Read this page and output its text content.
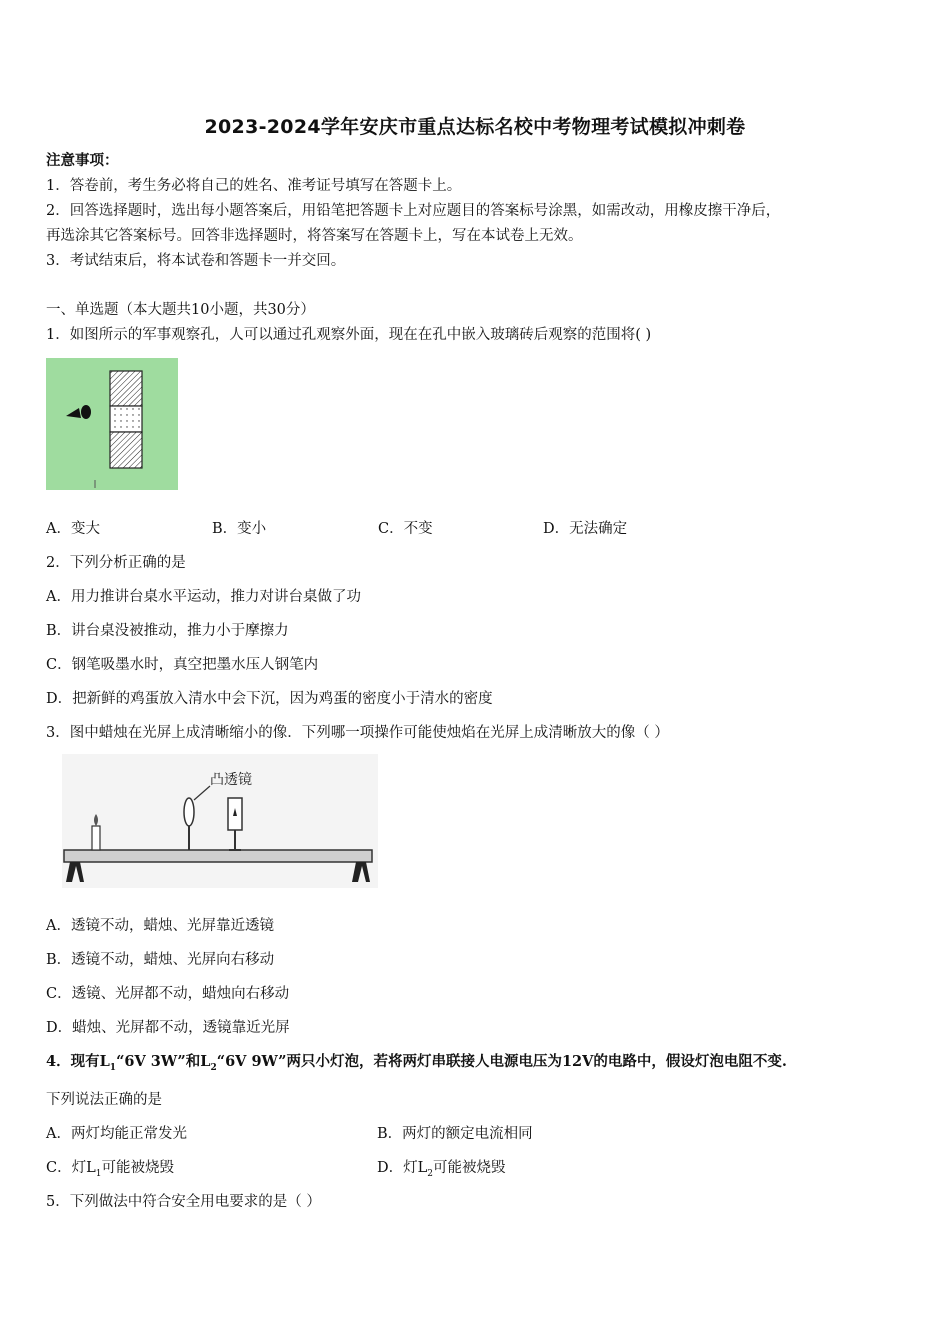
2023-2024学年安庆市重点达标名校中考物理考试模拟冲刺卷
注意事项：
1．答卷前，考生务必将自己的姓名、准考证号填写在答题卡上。
2．回答选择题时，选出每小题答案后，用铅笔把答题卡上对应题目的答案标号涂黑，如需改动，用橡皮擦干净后，
再选涂其它答案标号。回答非选择题时，将答案写在答题卡上，写在本试卷上无效。
3．考试结束后，将本试卷和答题卡一并交回。
一、单选题（本大题共10小题，共30分）
1．如图所示的军事观察孔，人可以通过孔观察外面，现在在孔中嵌入玻璃砖后观察的范围将( )
A．变大	B．变小	C．不变	D．无法确定
2．下列分析正确的是
A．用力推讲台桌水平运动，推力对讲台桌做了功
B．讲台桌没被推动，推力小于摩擦力
C．钢笔吸墨水时，真空把墨水压人钢笔内
D．把新鲜的鸡蛋放入清水中会下沉，因为鸡蛋的密度小于清水的密度
3．图中蜡烛在光屏上成清晰缩小的像．下列哪一项操作可能使烛焰在光屏上成清晰放大的像（ ）
凸透镜
A．透镜不动，蜡烛、光屏靠近透镜
B．透镜不动，蜡烛、光屏向右移动
C．透镜、光屏都不动，蜡烛向右移动
D．蜡烛、光屏都不动，透镜靠近光屏
4．现有$L_1“6V$ 3W”和$L_2“6V$ 9W”两只小灯泡，若将两灯串联接人电源电压为12V的电路中，假设灯泡电阻不变.
下列说法正确的是
A．两灯均能正常发光	B．两灯的额定电流相同
C．灯$L_1$可能被烧毁	D．灯$L_2$可能被烧毁
5．下列做法中符合安全用电要求的是（ ）
